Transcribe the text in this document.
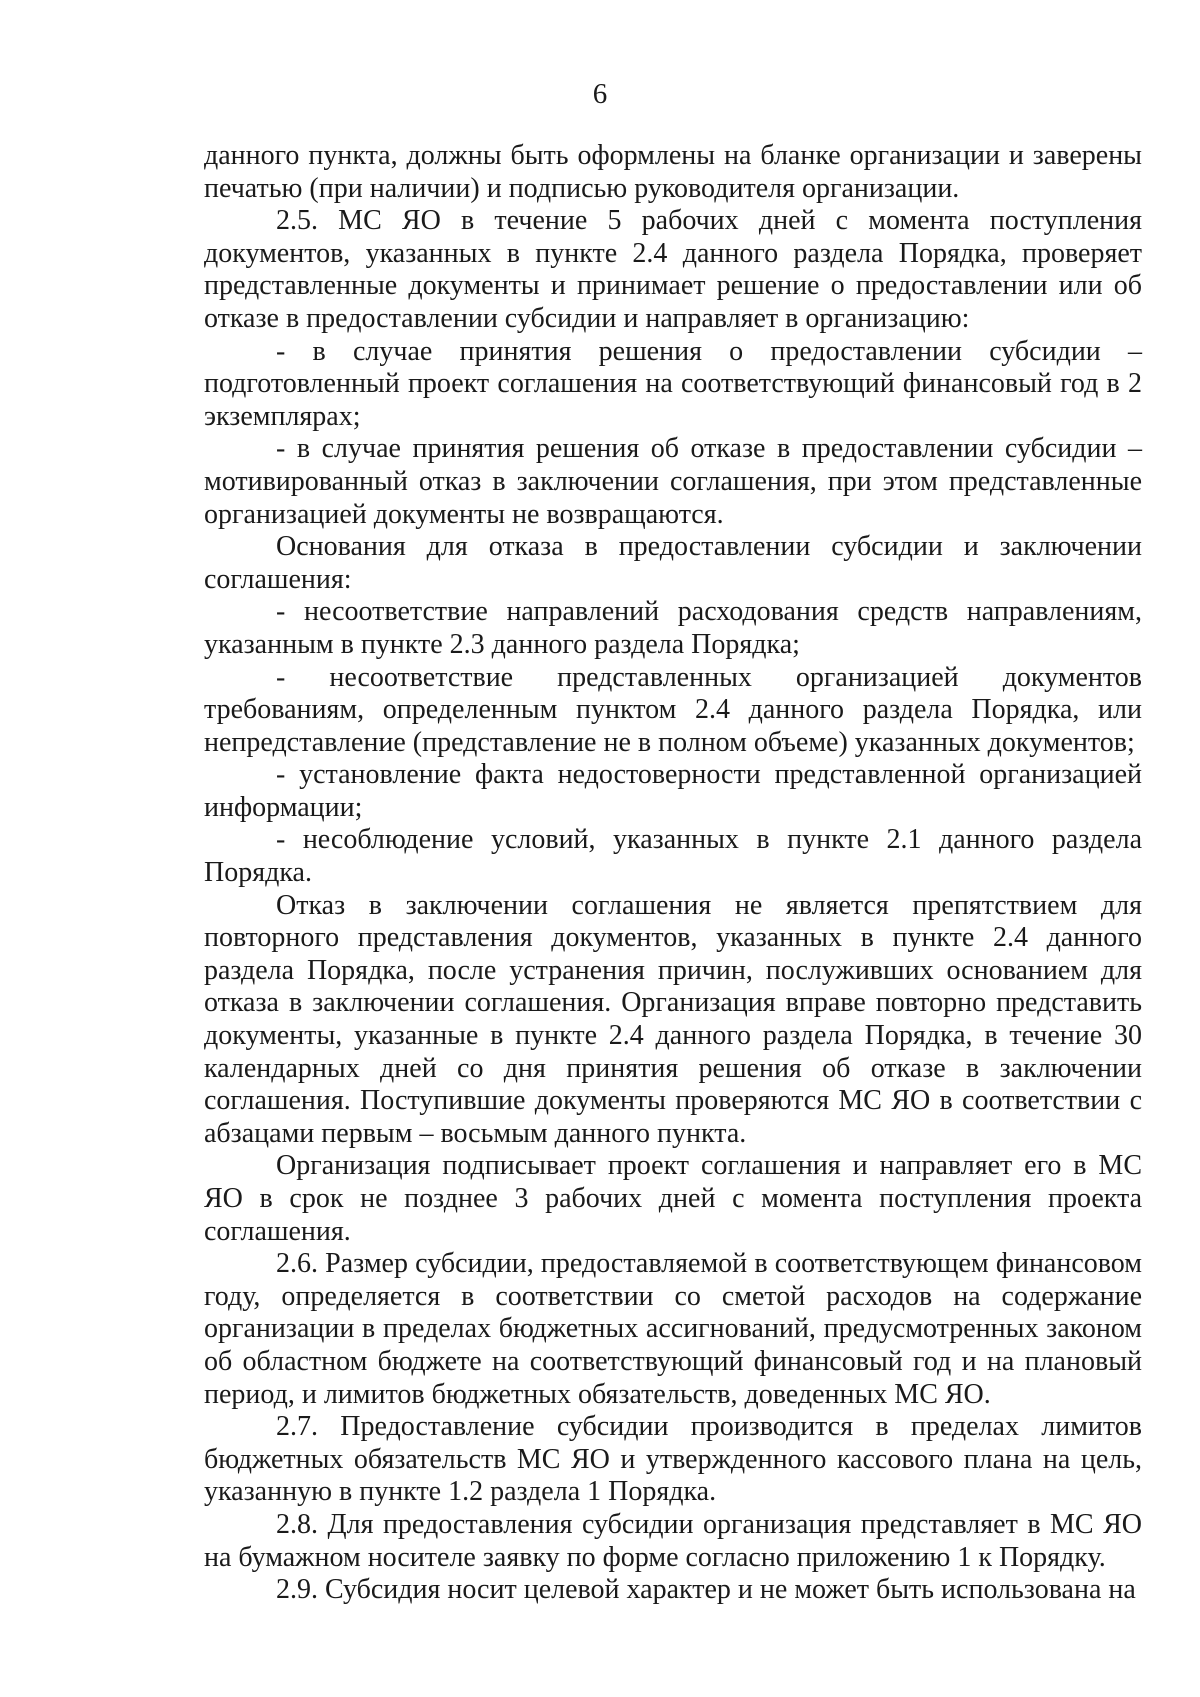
6

данного пункта, должны быть оформлены на бланке организации и заверены печатью (при наличии) и подписью руководителя организации.

2.5. МС ЯО в течение 5 рабочих дней с момента поступления документов, указанных в пункте 2.4 данного раздела Порядка, проверяет представленные документы и принимает решение о предоставлении или об отказе в предоставлении субсидии и направляет в организацию:

- в случае принятия решения о предоставлении субсидии – подготовленный проект соглашения на соответствующий финансовый год в 2 экземплярах;

- в случае принятия решения об отказе в предоставлении субсидии – мотивированный отказ в заключении соглашения, при этом представленные организацией документы не возвращаются.

Основания для отказа в предоставлении субсидии и заключении соглашения:

- несоответствие направлений расходования средств направлениям, указанным в пункте 2.3 данного раздела Порядка;

- несоответствие представленных организацией документов требованиям, определенным пунктом 2.4 данного раздела Порядка, или непредставление (представление не в полном объеме) указанных документов;

- установление факта недостоверности представленной организацией информации;

- несоблюдение условий, указанных в пункте 2.1 данного раздела Порядка.

Отказ в заключении соглашения не является препятствием для повторного представления документов, указанных в пункте 2.4 данного раздела Порядка, после устранения причин, послуживших основанием для отказа в заключении соглашения. Организация вправе повторно представить документы, указанные в пункте 2.4 данного раздела Порядка, в течение 30 календарных дней со дня принятия решения об отказе в заключении соглашения. Поступившие документы проверяются МС ЯО в соответствии с абзацами первым – восьмым данного пункта.

Организация подписывает проект соглашения и направляет его в МС ЯО в срок не позднее 3 рабочих дней с момента поступления проекта соглашения.

2.6. Размер субсидии, предоставляемой в соответствующем финансовом году, определяется в соответствии со сметой расходов на содержание организации в пределах бюджетных ассигнований, предусмотренных законом об областном бюджете на соответствующий финансовый год и на плановый период, и лимитов бюджетных обязательств, доведенных МС ЯО.

2.7. Предоставление субсидии производится в пределах лимитов бюджетных обязательств МС ЯО и утвержденного кассового плана на цель, указанную в пункте 1.2 раздела 1 Порядка.

2.8. Для предоставления субсидии организация представляет в МС ЯО на бумажном носителе заявку по форме согласно приложению 1 к Порядку.

2.9. Субсидия носит целевой характер и не может быть использована на
